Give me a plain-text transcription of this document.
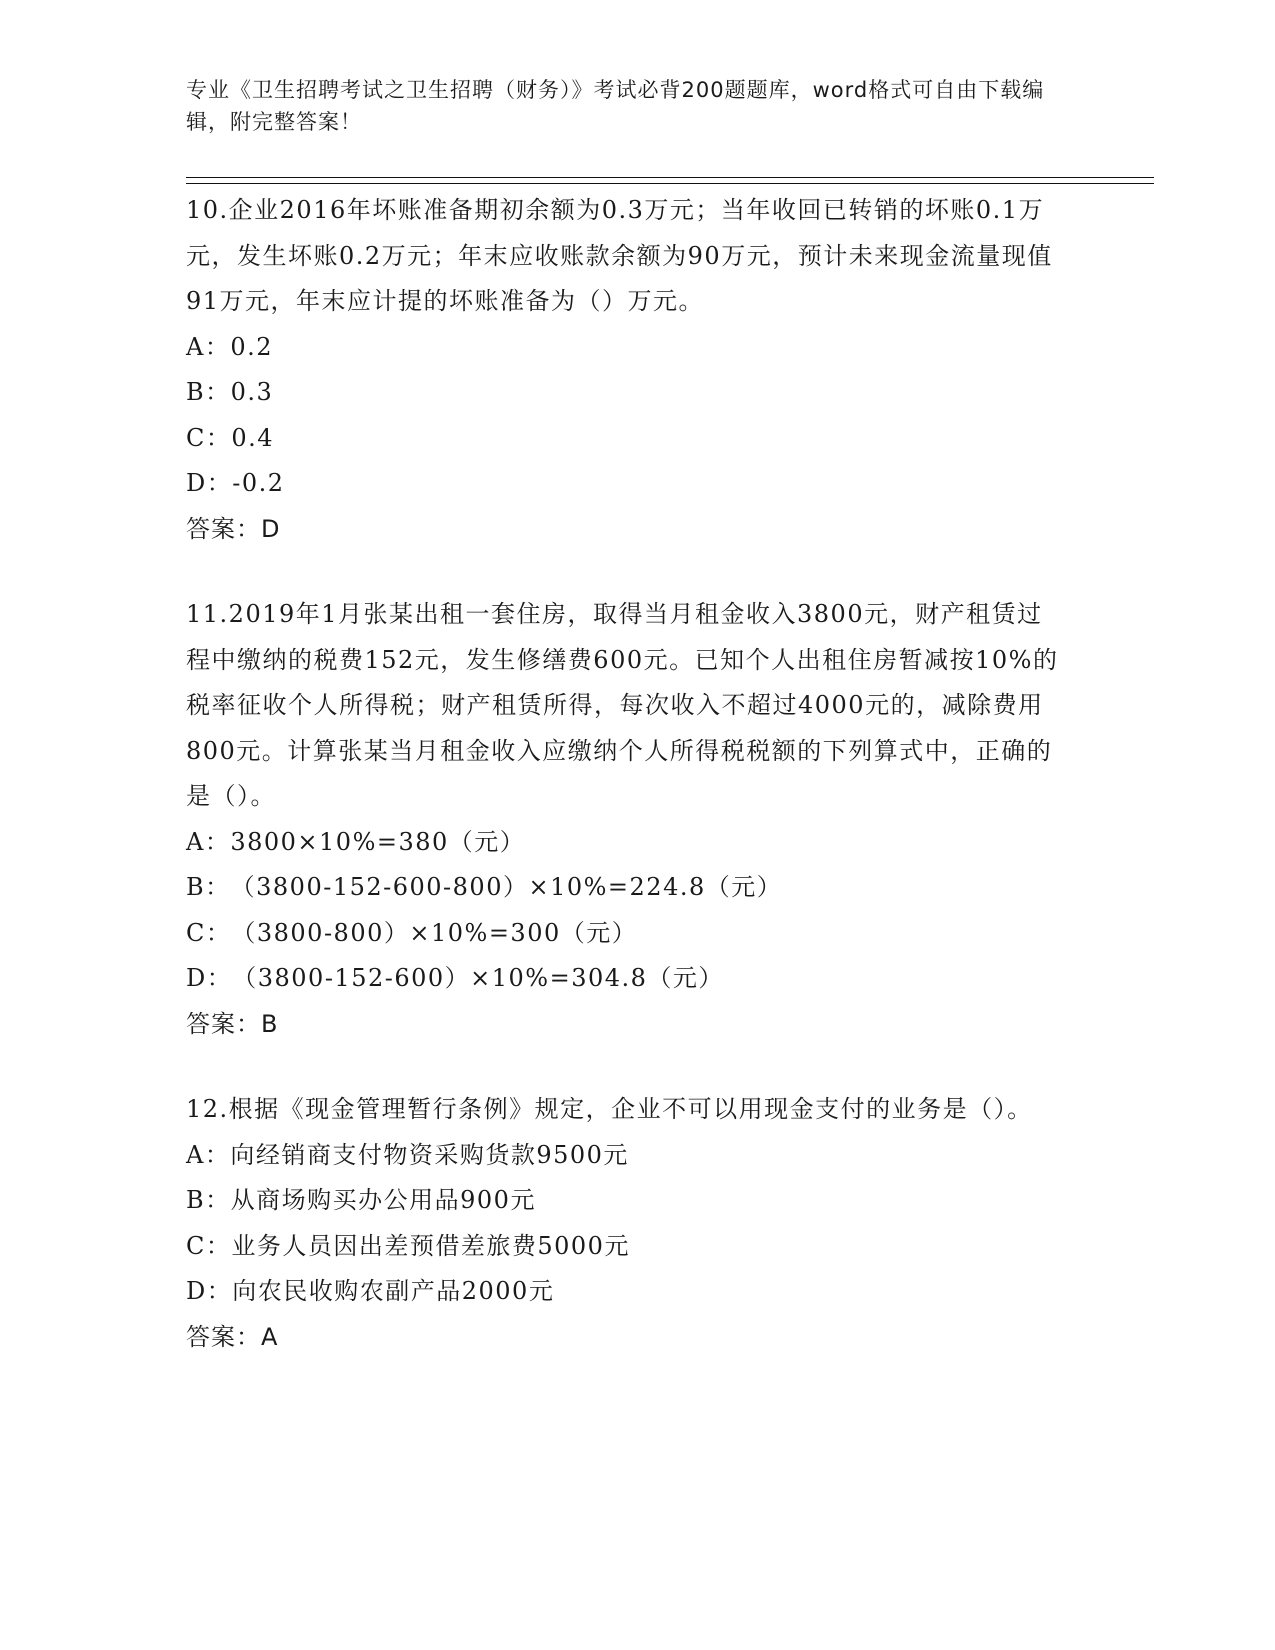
专业《卫生招聘考试之卫生招聘（财务）》考试必背200题题库，word格式可自由下载编辑，附完整答案！

10.企业2016年坏账准备期初余额为0.3万元；当年收回已转销的坏账0.1万元，发生坏账0.2万元；年末应收账款余额为90万元，预计未来现金流量现值91万元，年末应计提的坏账准备为（）万元。

A：0.2
B：0.3
C：0.4
D：-0.2
答案：D

11.2019年1月张某出租一套住房，取得当月租金收入3800元，财产租赁过程中缴纳的税费152元，发生修缮费600元。已知个人出租住房暂减按10%的税率征收个人所得税；财产租赁所得，每次收入不超过4000元的，减除费用800元。计算张某当月租金收入应缴纳个人所得税税额的下列算式中，正确的是（）。

A：3800×10%=380（元）
B：（3800-152-600-800）×10%=224.8（元）
C：（3800-800）×10%=300（元）
D：（3800-152-600）×10%=304.8（元）
答案：B

12.根据《现金管理暂行条例》规定，企业不可以用现金支付的业务是（）。

A：向经销商支付物资采购货款9500元
B：从商场购买办公用品900元
C：业务人员因出差预借差旅费5000元
D：向农民收购农副产品2000元
答案：A
